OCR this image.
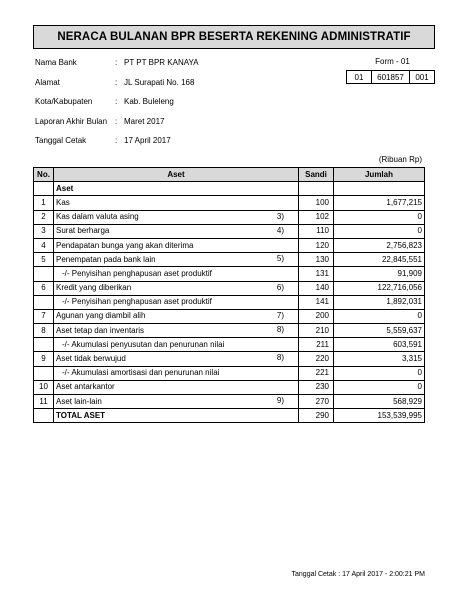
NERACA BULANAN BPR BESERTA REKENING ADMINISTRATIF
Nama Bank	: PT PT BPR KANAYA
Alamat	: JL Surapati No. 168
Kota/Kabupaten	: Kab. Buleleng
Laporan Akhir Bulan : Maret 2017
Tanggal Cetak	: 17 April 2017
Form - 01
01	601857	001
(Ribuan Rp)
No.	Aset	Sandi	Jumlah
	Aset

1	Kas	100	1,677,215
2	Kas dalam valuta asing 3)	102	0
3	Surat berharga 4)	110	0
4	Pendapatan bunga yang akan diterima	120	2,756,823
5	Penempatan pada bank lain 5)	130	22,845,551
	-/- Penyisihan penghapusan aset produktif	131	91,909
6	Kredit yang diberikan 6)	140	122,716,056
	-/- Penyisihan penghapusan aset produktif	141	1,892,031
7	Agunan yang diambil alih 7)	200	0
8	Aset tetap dan inventaris 8)	210	5,559,637
	-/- Akumulasi penyusutan dan penurunan nilai	211	603,591
9	Aset tidak berwujud 8)	220	3,315
	-/- Akumulasi amortisasi dan penurunan nilai	221	0
10	Aset antarkantor	230	0
11	Aset lain-lain 9)	270	568,929
	TOTAL ASET	290	153,539,995
Tanggal Cetak : 17 April 2017 - 2:00:21 PM
